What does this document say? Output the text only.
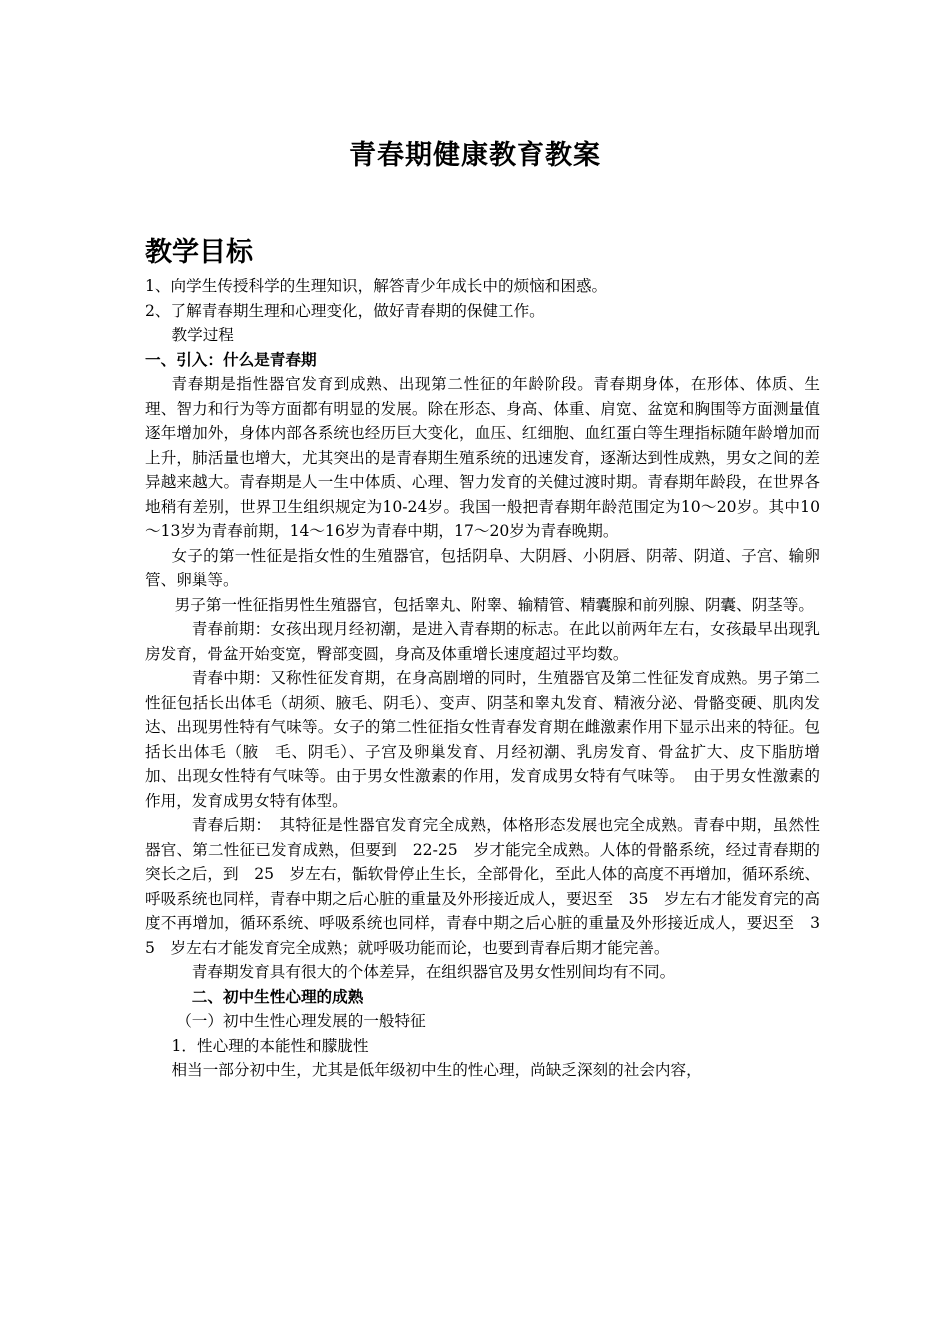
青春期健康教育教案
教学目标

1、向学生传授科学的生理知识，解答青少年成长中的烦恼和困惑。

2、了解青春期生理和心理变化，做好青春期的保健工作。

教学过程

一、引入：什么是青春期

青春期是指性器官发育到成熟、出现第二性征的年龄阶段。青春期身体，在形体、体质、生理、智力和行为等方面都有明显的发展。除在形态、身高、体重、肩宽、盆宽和胸围等方面测量值逐年增加外，身体内部各系统也经历巨大变化，血压、红细胞、血红蛋白等生理指标随年龄增加而上升，肺活量也增大，尤其突出的是青春期生殖系统的迅速发育，逐渐达到性成熟，男女之间的差异越来越大。青春期是人一生中体质、心理、智力发育的关健过渡时期。青春期年龄段，在世界各地稍有差别，世界卫生组织规定为10-24岁。我国一般把青春期年龄范围定为10～20岁。其中10～13岁为青春前期，14～16岁为青春中期，17～20岁为青春晚期。

女子的第一性征是指女性的生殖器官，包括阴阜、大阴唇、小阴唇、阴蒂、阴道、子宫、输卵管、卵巢等。

男子第一性征指男性生殖器官，包括睾丸、附睾、输精管、精囊腺和前列腺、阴囊、阴茎等。

青春前期：女孩出现月经初潮，是进入青春期的标志。在此以前两年左右，女孩最早出现乳房发育，骨盆开始变宽，臀部变圆，身高及体重增长速度超过平均数。

青春中期：又称性征发育期，在身高剧增的同时，生殖器官及第二性征发育成熟。男子第二性征包括长出体毛（胡须、腋毛、阴毛）、变声、阴茎和睾丸发育、精液分泌、骨骼变硬、肌肉发达、出现男性特有气味等。女子的第二性征指女性青春发育期在雌激素作用下显示出来的特征。包括长出体毛（腋　毛、阴毛）、子宫及卵巢发育、月经初潮、乳房发育、骨盆扩大、皮下脂肪增加、出现女性特有气味等。由于男女性激素的作用，发育成男女特有气味等。　由于男女性激素的作用，发育成男女特有体型。

青春后期：　其特征是性器官发育完全成熟，体格形态发展也完全成熟。青春中期，虽然性器官、第二性征已发育成熟，但要到　22-25　岁才能完全成熟。人体的骨骼系统，经过青春期的突长之后，到　25　岁左右，骺软骨停止生长，全部骨化，至此人体的高度不再增加，循环系统、呼吸系统也同样，青春中期之后心脏的重量及外形接近成人，要迟至　35　岁左右才能发育完的高度不再增加，循环系统、呼吸系统也同样，青春中期之后心脏的重量及外形接近成人，要迟至　3 5　岁左右才能发育完全成熟；就呼吸功能而论，也要到青春后期才能完善。

青春期发育具有很大的个体差异，在组织器官及男女性别间均有不同。

二、初中生性心理的成熟

（一）初中生性心理发展的一般特征

1．性心理的本能性和朦胧性

相当一部分初中生，尤其是低年级初中生的性心理，尚缺乏深刻的社会内容，
